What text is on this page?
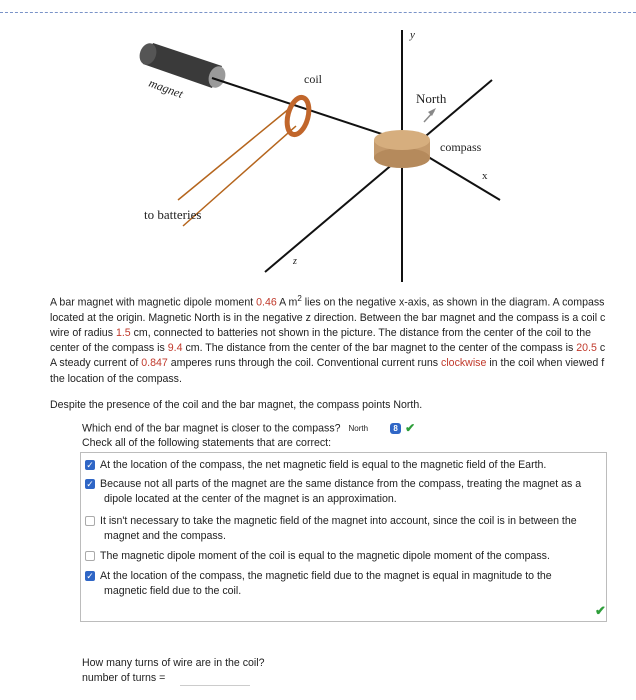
y
magnet	coil
North
compass
x
to batteries
z
A bar magnet with magnetic dipole moment 0.46 A $m^2$ lies on the negative x-axis, as shown in the diagram. A compass
located at the origin. Magnetic North is in the negative z direction. Between the bar magnet and the compass is a coil c
wire of radius 1.5 cm, connected to batteries not shown in the picture. The distance from the center of the coil to the
center of the compass is 9.4 cm. The distance from the center of the bar magnet to the center of the compass is 20.5 c
A steady current of 0.847 amperes runs through the coil. Conventional current runs clockwise in the coil when viewed f
the location of the compass.
Despite the presence of the coil and the bar magnet, the compass points North.
Which end of the bar magnet is closer to the compass? North	8 ✔
Check all of the following statements that are correct:
✓ At the location of the compass, the net magnetic field is equal to the magnetic field of the Earth.
✓ Because not all parts of the magnet are the same distance from the compass, treating the magnet as a
dipole located at the center of the magnet is an approximation.
It isn't necessary to take the magnetic field of the magnet into account, since the coil is in between the
magnet and the compass.
The magnetic dipole moment of the coil is equal to the magnetic dipole moment of the compass.
✓ At the location of the compass, the magnetic field due to the magnet is equal in magnitude to the
magnetic field due to the coil.
✔
How many turns of wire are in the coil?
number of turns =
